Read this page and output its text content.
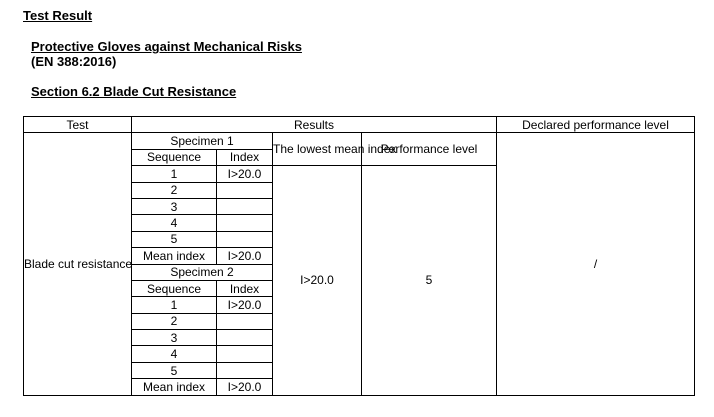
Test Result
Protective Gloves against Mechanical Risks
(EN 388:2016)
Section 6.2 Blade Cut Resistance
Test	Results				Declared performance level
Blade cut resistance	Specimen 1		The lowest mean index	Performance level	/
	Sequence	Index			
	1	I>20.0	I>20.0	5	
	2				
	3				
	4				
	5				
	Mean index	I>20.0			
	Specimen 2				
	Sequence	Index			
	1	I>20.0			
	2				
	3				
	4				
	5				
	Mean index	I>20.0			
